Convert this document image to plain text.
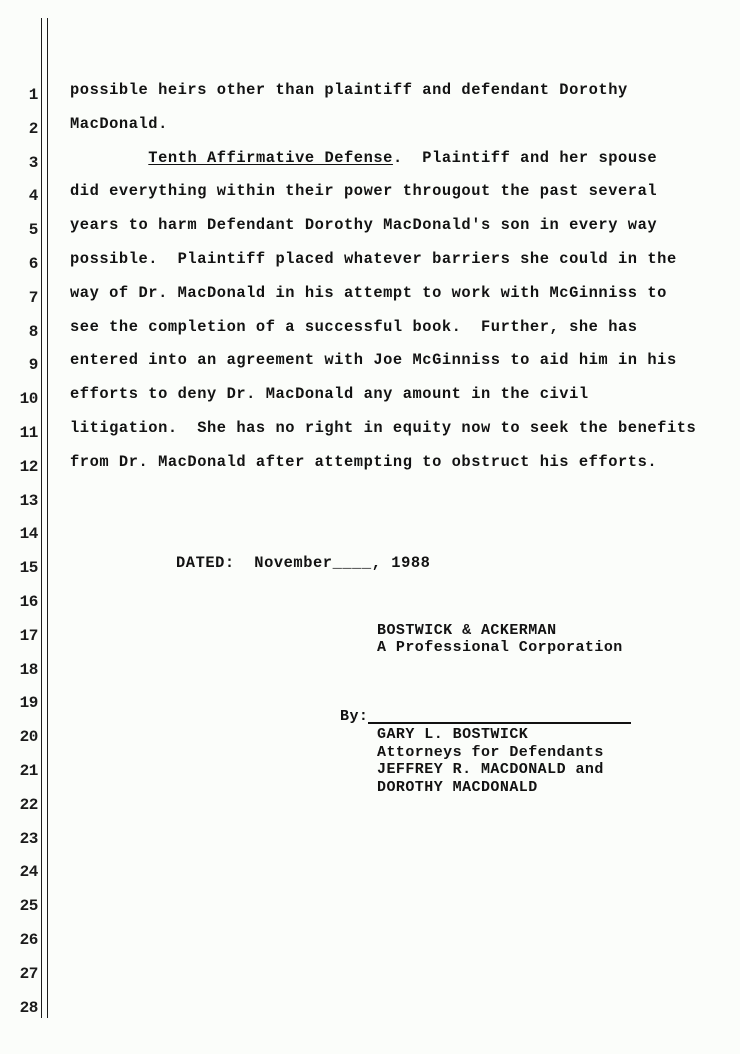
1
2
3
4
5
6
7
8
9
10
11
12
13
14
15
16
17
18
19
20
21
22
23
24
25
26
27
28
possible heirs other than plaintiff and defendant Dorothy
MacDonald.
Tenth Affirmative Defense.  Plaintiff and her spouse
did everything within their power througout the past several
years to harm Defendant Dorothy MacDonald's son in every way
possible.  Plaintiff placed whatever barriers she could in the
way of Dr. MacDonald in his attempt to work with McGinniss to
see the completion of a successful book.  Further, she has
entered into an agreement with Joe McGinniss to aid him in his
efforts to deny Dr. MacDonald any amount in the civil
litigation.  She has no right in equity now to seek the benefits
from Dr. MacDonald after attempting to obstruct his efforts.
DATED:  November____, 1988
BOSTWICK & ACKERMAN
A Professional Corporation
By:
GARY L. BOSTWICK
Attorneys for Defendants
JEFFREY R. MACDONALD and
DOROTHY MACDONALD
